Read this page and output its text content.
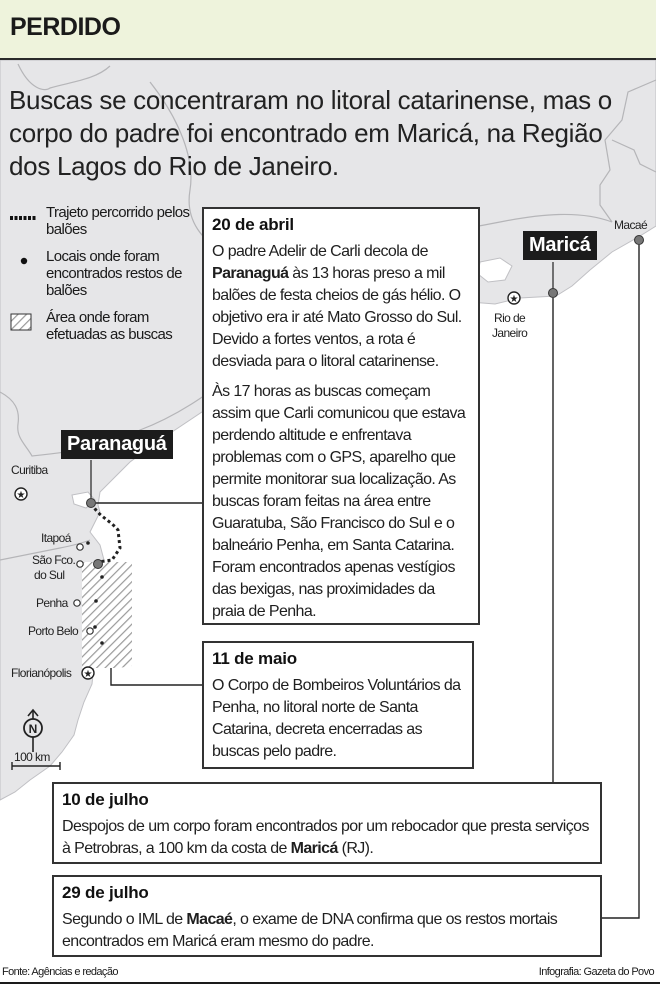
★
★
★
N
PERDIDO
Buscas se concentraram no litoral catarinense, mas o corpo do padre foi encontrado em Maricá, na Região dos Lagos do Rio de Janeiro.
Trajeto percorrido pelos balões
Locais onde foram encontrados restos de balões
Área onde foram efetuadas as buscas
Paranaguá
Maricá
Curitiba
Itapoá
São Fco.
do Sul
Penha
Porto Belo
Florianópolis
Rio de
Janeiro
Macaé
100 km
20 de abril

O padre Adelir de Carli decola de Paranaguá às 13 horas preso a mil balões de festa cheios de gás hélio. O objetivo era ir até Mato Grosso do Sul. Devido a fortes ventos, a rota é desviada para o litoral catarinense.

Às 17 horas as buscas começam assim que Carli comunicou que estava perdendo altitude e enfrentava problemas com o GPS, aparelho que permite monitorar sua localização. As buscas foram feitas na área entre Guaratuba, São Francisco do Sul e o balneário Penha, em Santa Catarina. Foram encontrados apenas vestígios das bexigas, nas proximidades da praia de Penha.

11 de maio

O Corpo de Bombeiros Voluntários da Penha, no litoral norte de Santa Catarina, decreta encerradas as buscas pelo padre.

10 de julho

Despojos de um corpo foram encontrados por um rebocador que presta serviços à Petrobras, a 100 km da costa de Maricá (RJ).

29 de julho

Segundo o IML de Macaé, o exame de DNA confirma que os restos mortais encontrados em Maricá eram mesmo do padre.

Fonte: Agências e redação	Infografia: Gazeta do Povo
